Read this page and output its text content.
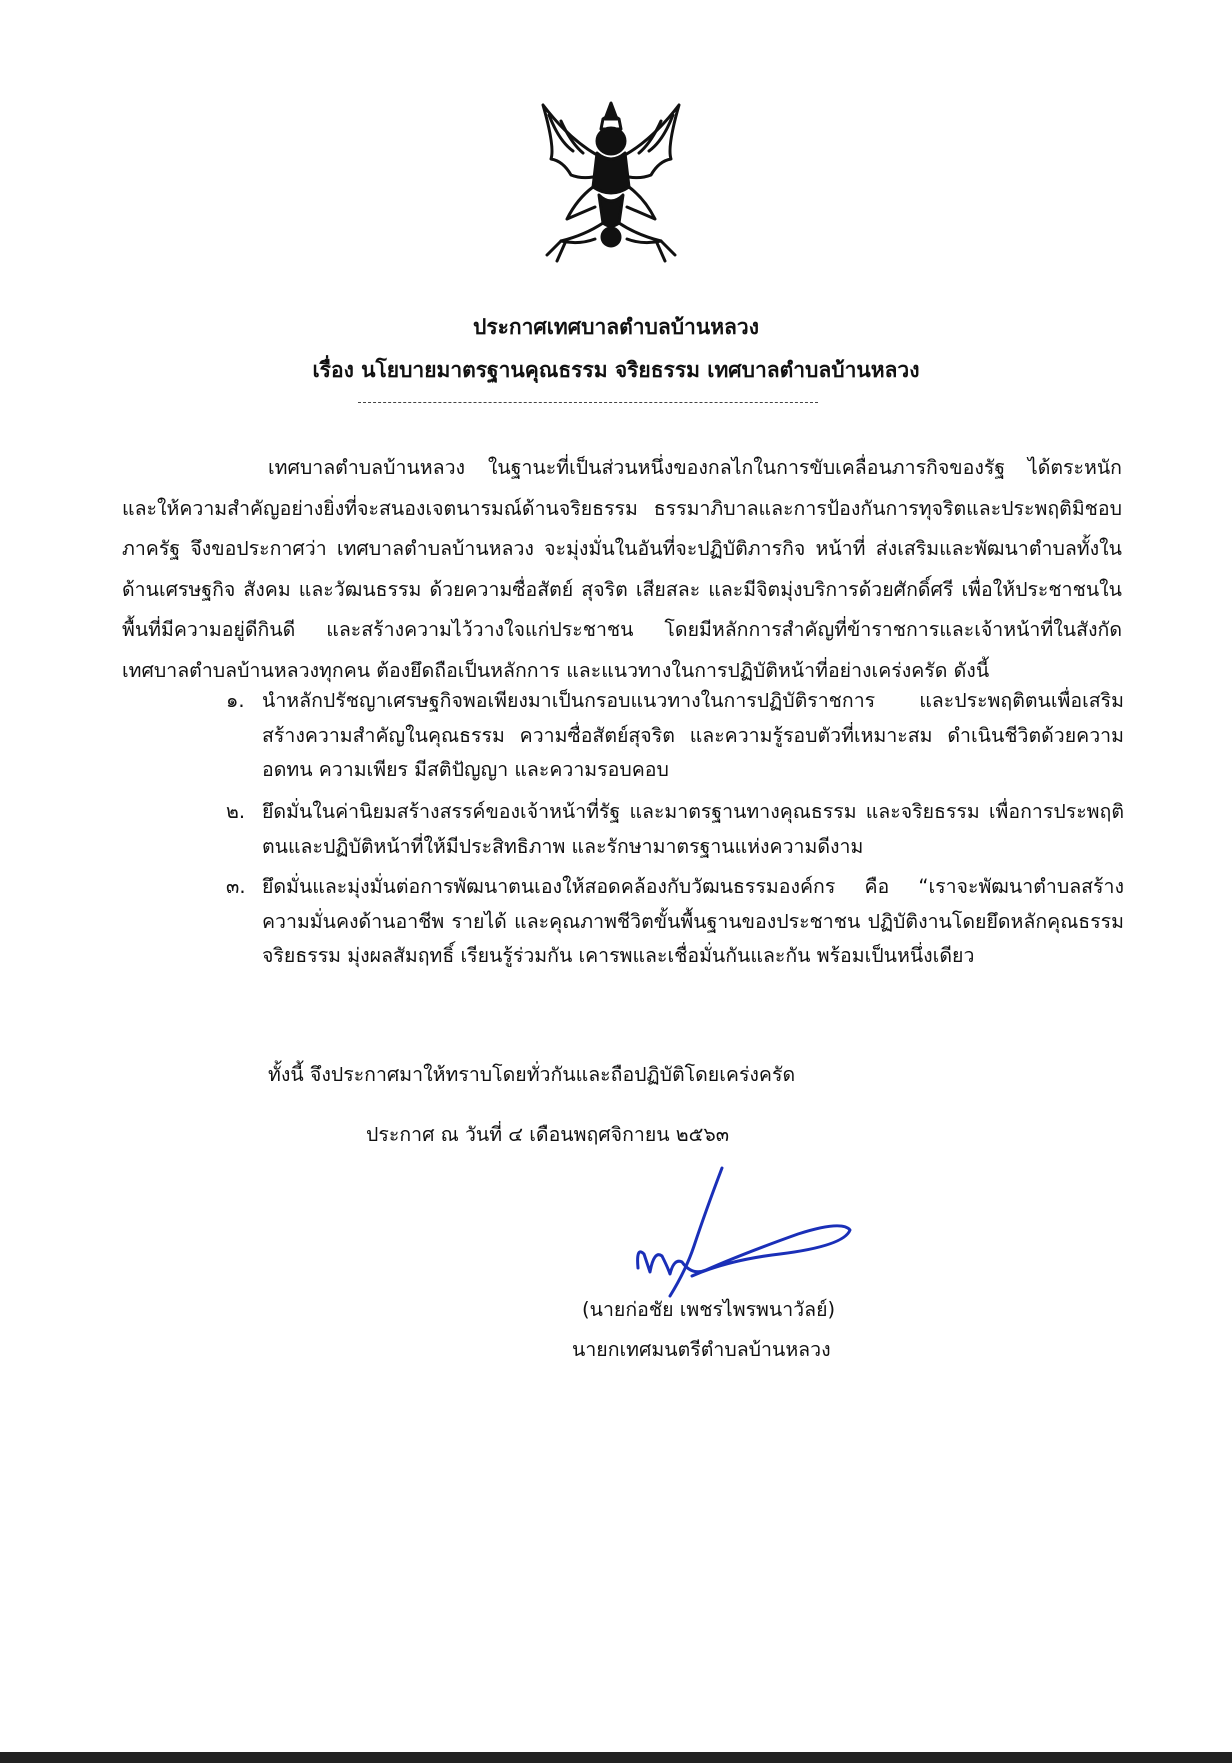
ประกาศเทศบาลตำบลบ้านหลวง
เรื่อง นโยบายมาตรฐานคุณธรรม จริยธรรม เทศบาลตำบลบ้านหลวง
เทศบาลตำบลบ้านหลวง ในฐานะที่เป็นส่วนหนึ่งของกลไกในการขับเคลื่อนภารกิจของรัฐ ได้ตระหนักและให้ความสำคัญอย่างยิ่งที่จะสนองเจตนารมณ์ด้านจริยธรรม ธรรมาภิบาลและการป้องกันการทุจริตและประพฤติมิชอบภาครัฐ จึงขอประกาศว่า เทศบาลตำบลบ้านหลวง จะมุ่งมั่นในอันที่จะปฏิบัติภารกิจ หน้าที่ ส่งเสริมและพัฒนาตำบลทั้งในด้านเศรษฐกิจ สังคม และวัฒนธรรม ด้วยความซื่อสัตย์ สุจริต เสียสละ และมีจิตมุ่งบริการด้วยศักดิ์ศรี เพื่อให้ประชาชนในพื้นที่มีความอยู่ดีกินดี และสร้างความไว้วางใจแก่ประชาชน โดยมีหลักการสำคัญที่ข้าราชการและเจ้าหน้าที่ในสังกัดเทศบาลตำบลบ้านหลวงทุกคน ต้องยึดถือเป็นหลักการ และแนวทางในการปฏิบัติหน้าที่อย่างเคร่งครัด ดังนี้
๑. นำหลักปรัชญาเศรษฐกิจพอเพียงมาเป็นกรอบแนวทางในการปฏิบัติราชการ และประพฤติตนเพื่อเสริมสร้างความสำคัญในคุณธรรม ความซื่อสัตย์สุจริต และความรู้รอบตัวที่เหมาะสม ดำเนินชีวิตด้วยความอดทน ความเพียร มีสติปัญญา และความรอบคอบ
๒. ยึดมั่นในค่านิยมสร้างสรรค์ของเจ้าหน้าที่รัฐ และมาตรฐานทางคุณธรรม และจริยธรรม เพื่อการประพฤติตนและปฏิบัติหน้าที่ให้มีประสิทธิภาพ และรักษามาตรฐานแห่งความดีงาม
๓. ยึดมั่นและมุ่งมั่นต่อการพัฒนาตนเองให้สอดคล้องกับวัฒนธรรมองค์กร คือ “เราจะพัฒนาตำบลสร้างความมั่นคงด้านอาชีพ รายได้ และคุณภาพชีวิตขั้นพื้นฐานของประชาชน ปฏิบัติงานโดยยึดหลักคุณธรรม จริยธรรม มุ่งผลสัมฤทธิ์ เรียนรู้ร่วมกัน เคารพและเชื่อมั่นกันและกัน พร้อมเป็นหนึ่งเดียว
ทั้งนี้ จึงประกาศมาให้ทราบโดยทั่วกันและถือปฏิบัติโดยเคร่งครัด
ประกาศ ณ วันที่ ๔ เดือนพฤศจิกายน ๒๕๖๓
(นายก่อชัย เพชรไพรพนาวัลย์)
นายกเทศมนตรีตำบลบ้านหลวง
